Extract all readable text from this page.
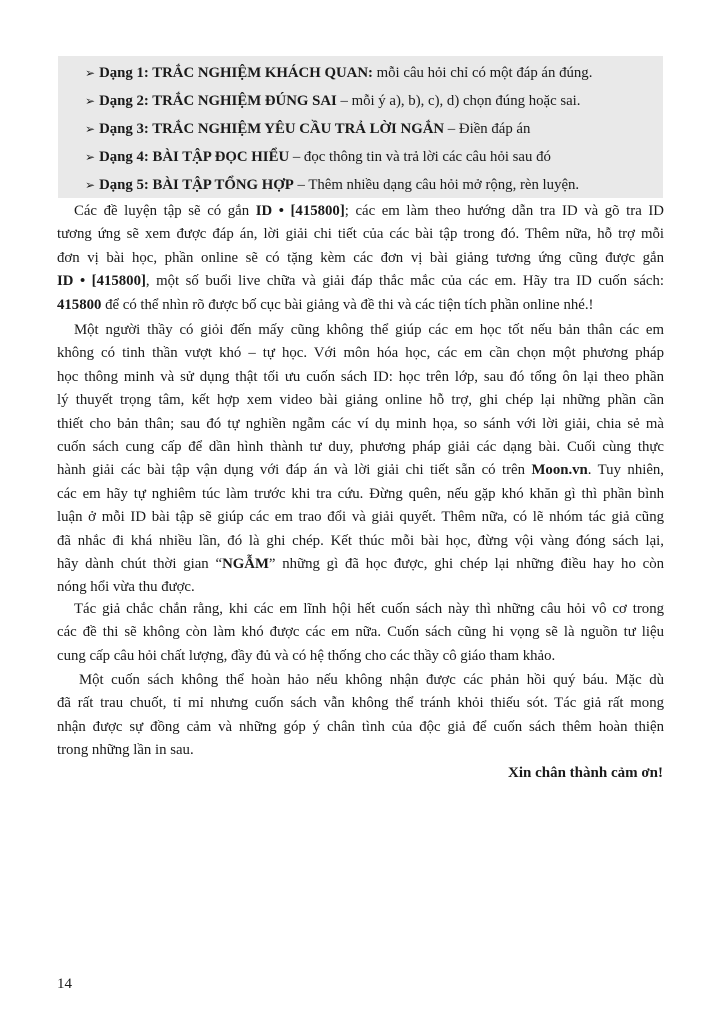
➢ Dạng 1: TRẮC NGHIỆM KHÁCH QUAN: mỗi câu hỏi chỉ có một đáp án đúng.
➢ Dạng 2: TRẮC NGHIỆM ĐÚNG SAI – mỗi ý a), b), c), d) chọn đúng hoặc sai.
➢ Dạng 3: TRẮC NGHIỆM YÊU CẦU TRẢ LỜI NGẮN – Điền đáp án
➢ Dạng 4: BÀI TẬP ĐỌC HIỂU – đọc thông tin và trả lời các câu hỏi sau đó
➢ Dạng 5: BÀI TẬP TỔNG HỢP – Thêm nhiều dạng câu hỏi mở rộng, rèn luyện.
Các đề luyện tập sẽ có gắn ID • [415800]; các em làm theo hướng dẫn tra ID và gõ tra ID
tương ứng sẽ xem được đáp án, lời giải chi tiết của các bài tập trong đó. Thêm nữa, hỗ trợ mỗi
đơn vị bài học, phần online sẽ có tặng kèm các đơn vị bài giảng tương ứng cũng được gắn
ID • [415800], một số buổi live chữa và giải đáp thắc mắc của các em. Hãy tra ID cuốn sách:
415800 để có thể nhìn rõ được bố cục bài giảng và đề thi và các tiện tích phần online nhé.!
Một người thầy có giỏi đến mấy cũng không thể giúp các em học tốt nếu bản thân các em
không có tinh thần vượt khó – tự học. Với môn hóa học, các em cần chọn một phương pháp
học thông minh và sử dụng thật tối ưu cuốn sách ID: học trên lớp, sau đó tổng ôn lại theo phần
lý thuyết trọng tâm, kết hợp xem video bài giảng online hỗ trợ, ghi chép lại những phần cần
thiết cho bản thân; sau đó tự nghiền ngẫm các ví dụ minh họa, so sánh với lời giải, chia sẻ mà
cuốn sách cung cấp để dần hình thành tư duy, phương pháp giải các dạng bài. Cuối cùng thực
hành giải các bài tập vận dụng với đáp án và lời giải chi tiết sẵn có trên Moon.vn. Tuy nhiên,
các em hãy tự nghiêm túc làm trước khi tra cứu. Đừng quên, nếu gặp khó khăn gì thì phần bình
luận ở mỗi ID bài tập sẽ giúp các em trao đổi và giải quyết. Thêm nữa, có lẽ nhóm tác giả cũng
đã nhắc đi khá nhiều lần, đó là ghi chép. Kết thúc mỗi bài học, đừng vội vàng đóng sách lại,
hãy dành chút thời gian “NGẪM” những gì đã học được, ghi chép lại những điều hay ho còn
nóng hổi vừa thu được.
Tác giả chắc chắn rằng, khi các em lĩnh hội hết cuốn sách này thì những câu hỏi vô cơ trong
các đề thi sẽ không còn làm khó được các em nữa. Cuốn sách cũng hi vọng sẽ là nguồn tư liệu
cung cấp câu hỏi chất lượng, đầy đủ và có hệ thống cho các thầy cô giáo tham khảo.
Một cuốn sách không thể hoàn hảo nếu không nhận được các phản hồi quý báu. Mặc dù
đã rất trau chuốt, tỉ mỉ nhưng cuốn sách vẫn không thể tránh khỏi thiếu sót. Tác giả rất mong
nhận được sự đồng cảm và những góp ý chân tình của độc giả để cuốn sách thêm hoàn thiện
trong những lần in sau.
Xin chân thành cảm ơn!
14
